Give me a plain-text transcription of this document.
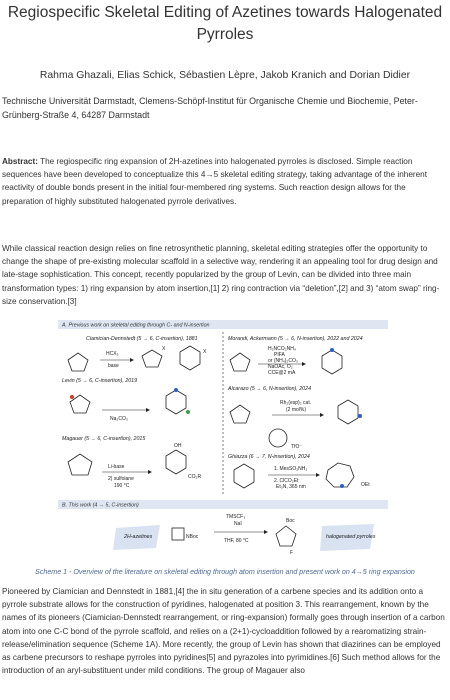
Regiospecific Skeletal Editing of Azetines towards Halogenated Pyrroles
Rahma Ghazali, Elias Schick, Sébastien Lèpre, Jakob Kranich and Dorian Didier
Technische Universität Darmstadt, Clemens-Schöpf-Institut für Organische Chemie und Biochemie, Peter-Grünberg-Straße 4, 64287 Darmstadt
Abstract: The regiospecific ring expansion of 2H-azetines into halogenated pyrroles is disclosed. Simple reaction sequences have been developed to conceptualize this 4→5 skeletal editing strategy, taking advantage of the inherent reactivity of double bonds present in the initial four-membered ring systems. Such reaction design allows for the preparation of highly substituted halogenated pyrrole derivatives.
While classical reaction design relies on fine retrosynthetic planning, skeletal editing strategies offer the opportunity to change the shape of pre-existing molecular scaffold in a selective way, rendering it an appealing tool for drug design and late-stage sophistication. This concept, recently popularized by the group of Levin, can be divided into three main transformation types: 1) ring expansion by atom insertion,[1] 2) ring contraction via “deletion”,[2] and 3) “atom swap” ring-size conservation.[3]
A. Previous work on skeletal editing through C- and N-insertion
B. This work (4 → 5, C-insertion)
Ciamician-Dennstedt (5 → 6, C-insertion), 1881
HCX₃
base
X	X
Levin (5 → 6, C-insertion), 2019
Na₂CO₃
Magauer (5 → 6, C-insertion), 2015
Li-base
2) sulfolane
190 °C
OH
CO₂R
Morandi, Ackermann (5 → 6, N-insertion), 2022 and 2024
H₂NCO₂NH₄
PIFA
or (NH₄)₂CO₃
NaOAc, O₂
CCE@2 mA
Alcarazo (5 → 6, N-insertion), 2024
Rh₂(esp)₂ cat.
(2 mol%)
TfO⁻
Ghiazza (6 → 7, N-insertion), 2024
1. MesSO₂NH₂
2. ClCO₂Et
Et₃N, 365 nm	OEt
2H-azetines	NBoc
TMSCF₃
NaI
THF, 80 °C
Boc
F
halogenated pyrroles
Scheme 1 - Overview of the literature on skeletal editing through atom insertion and present work on 4→5 ring expansion
Pioneered by Ciamician and Dennstedt in 1881,[4] the in situ generation of a carbene species and its addition onto a pyrrole substrate allows for the construction of pyridines, halogenated at position 3. This rearrangement, known by the names of its pioneers (Ciamician-Dennstedt rearrangement, or ring-expansion) formally goes through insertion of a carbon atom into one C-C bond of the pyrrole scaffold, and relies on a (2+1)-cycloaddition followed by a rearomatizing strain-release/elimination sequence (Scheme 1A). More recently, the group of Levin has shown that diazirines can be employed as carbene precursors to reshape pyrroles into pyridines[5] and pyrazoles into pyrimidines.[6] Such method allows for the introduction of an aryl-substituent under mild conditions. The group of Magauer also
